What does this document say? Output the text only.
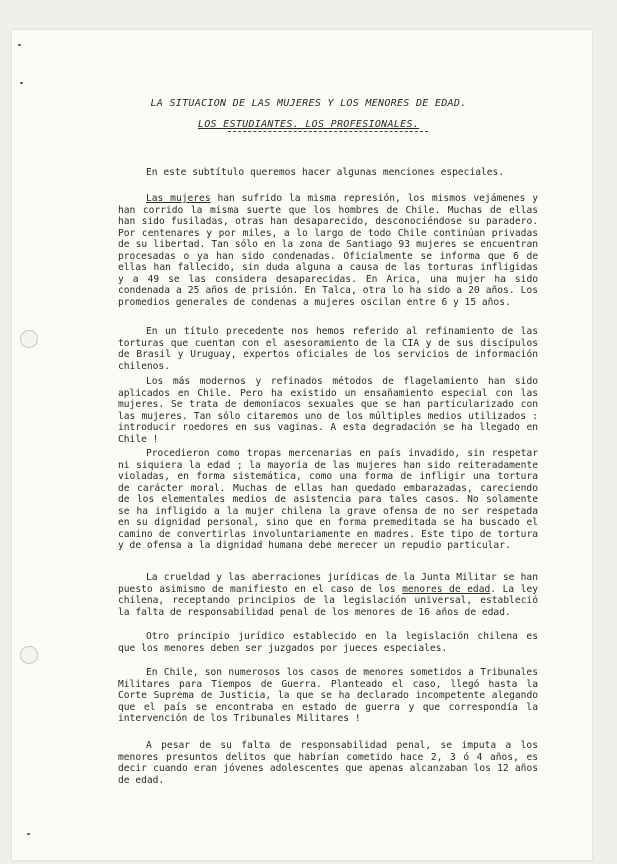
LA SITUACION DE LAS MUJERES Y LOS MENORES DE EDAD.
LOS ESTUDIANTES. LOS PROFESIONALES.

En este subtítulo queremos hacer algunas menciones especiales.

Las mujeres han sufrido la misma represión, los mismos vejámenes y han corrido la misma suerte que los hombres de Chile. Muchas de ellas han sido fusiladas, otras han desaparecido, desconociéndose su paradero. Por centenares y por miles, a lo largo de todo Chile continúan privadas de su libertad. Tan sólo en la zona de Santiago 93 mujeres se encuentran procesadas o ya han sido condenadas. Oficialmente se informa que 6 de ellas han fallecido, sin duda alguna a causa de las torturas infligidas y a 49 se las considera desaparecidas. En Arica, una mujer ha sido condenada a 25 años de prisión. En Talca, otra lo ha sido a 20 años. Los promedios generales de condenas a mujeres oscilan entre 6 y 15 años.

En un título precedente nos hemos referido al refinamiento de las torturas que cuentan con el asesoramiento de la CIA y de sus discípulos de Brasil y Uruguay, expertos oficiales de los servicios de información chilenos.

Los más modernos y refinados métodos de flagelamiento han sido aplicados en Chile. Pero ha existido un ensañamiento especial con las mujeres. Se trata de demoníacos sexuales que se han particularizado con las mujeres. Tan sólo citaremos uno de los múltiples medios utilizados : introducir roedores en sus vaginas. A esta degradación se ha llegado en Chile !

Procedieron como tropas mercenarias en país invadido, sin respetar ni siquiera la edad ; la mayoría de las mujeres han sido reiteradamente violadas, en forma sistemática, como una forma de infligir una tortura de carácter moral. Muchas de ellas han quedado embarazadas, careciendo de los elementales medios de asistencia para tales casos. No solamente se ha infligido a la mujer chilena la grave ofensa de no ser respetada en su dignidad personal, sino que en forma premeditada se ha buscado el camino de convertirlas involuntariamente en madres. Este tipo de tortura y de ofensa a la dignidad humana debe merecer un repudio particular.

La crueldad y las aberraciones jurídicas de la Junta Militar se han puesto asimismo de manifiesto en el caso de los menores de edad. La ley chilena, receptando principios de la legislación universal, estableció la falta de responsabilidad penal de los menores de 16 años de edad.

Otro principio jurídico establecido en la legislación chilena es que los menores deben ser juzgados por jueces especiales.

En Chile, son numerosos los casos de menores sometidos a Tribunales Militares para Tiempos de Guerra. Planteado el caso, llegó hasta la Corte Suprema de Justicia, la que se ha declarado incompetente alegando que el país se encontraba en estado de guerra y que correspondía la intervención de los Tribunales Militares !

A pesar de su falta de responsabilidad penal, se imputa a los menores presuntos delitos que habrían cometido hace 2, 3 ó 4 años, es decir cuando eran jóvenes adolescentes que apenas alcanzaban los 12 años de edad.
